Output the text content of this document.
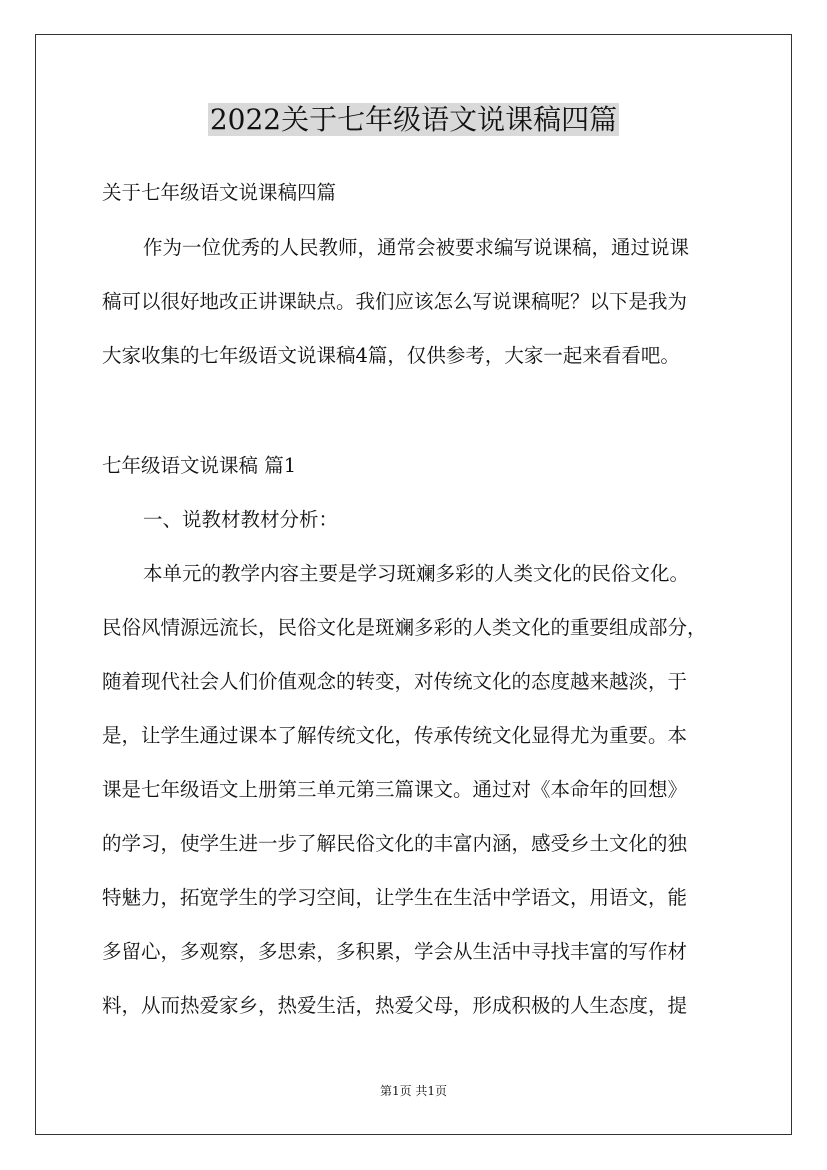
2022关于七年级语文说课稿四篇

关于七年级语文说课稿四篇

作为一位优秀的人民教师，通常会被要求编写说课稿，通过说课

稿可以很好地改正讲课缺点。我们应该怎么写说课稿呢？以下是我为

大家收集的七年级语文说课稿4篇，仅供参考，大家一起来看看吧。

七年级语文说课稿 篇1

一、说教材教材分析：

本单元的教学内容主要是学习斑斓多彩的人类文化的民俗文化。

民俗风情源远流长，民俗文化是斑斓多彩的人类文化的重要组成部分，

随着现代社会人们价值观念的转变，对传统文化的态度越来越淡，于

是，让学生通过课本了解传统文化，传承传统文化显得尤为重要。本

课是七年级语文上册第三单元第三篇课文。通过对《本命年的回想》

的学习，使学生进一步了解民俗文化的丰富内涵，感受乡土文化的独

特魅力，拓宽学生的学习空间，让学生在生活中学语文，用语文，能

多留心，多观察，多思索，多积累，学会从生活中寻找丰富的写作材

料，从而热爱家乡，热爱生活，热爱父母，形成积极的人生态度，提

第1页 共1页
